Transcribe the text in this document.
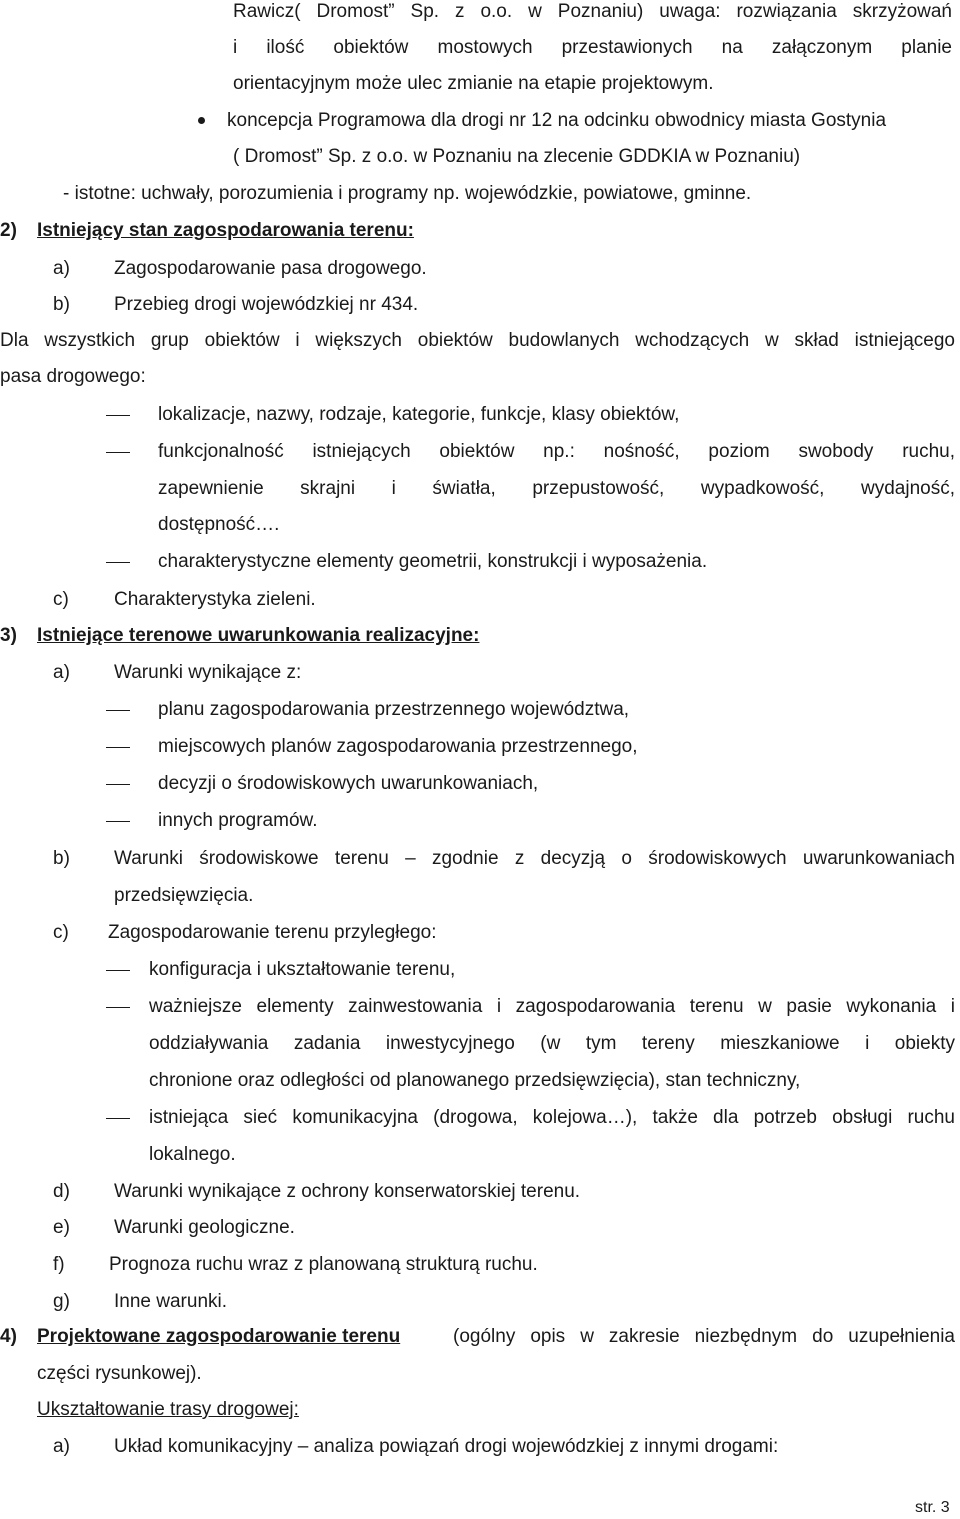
Rawicz( Dromost” Sp. z o.o. w Poznaniu) uwaga: rozwiązania skrzyżowań
i ilość obiektów mostowych przestawionych na załączonym planie
orientacyjnym może ulec zmianie na etapie projektowym.
koncepcja Programowa dla drogi nr 12 na odcinku obwodnicy miasta Gostynia
( Dromost” Sp. z o.o. w Poznaniu na zlecenie GDDKIA w Poznaniu)
- istotne: uchwały, porozumienia i programy np. wojewódzkie, powiatowe, gminne.
2) Istniejący stan zagospodarowania terenu:
a) Zagospodarowanie pasa drogowego.
b) Przebieg drogi wojewódzkiej nr 434.
Dla wszystkich grup obiektów i większych obiektów budowlanych wchodzących w skład istniejącego
pasa drogowego:
lokalizacje, nazwy, rodzaje, kategorie, funkcje, klasy obiektów,
funkcjonalność istniejących obiektów np.: nośność, poziom swobody ruchu,
zapewnienie skrajni i światła, przepustowość, wypadkowość, wydajność,
dostępność….
charakterystyczne elementy geometrii, konstrukcji i wyposażenia.
c) Charakterystyka zieleni.
3) Istniejące terenowe uwarunkowania realizacyjne:
a) Warunki wynikające z:
planu zagospodarowania przestrzennego województwa,
miejscowych planów zagospodarowania przestrzennego,
decyzji o środowiskowych uwarunkowaniach,
innych programów.
b) Warunki środowiskowe terenu – zgodnie z decyzją o środowiskowych uwarunkowaniach
przedsięwzięcia.
c) Zagospodarowanie terenu przyległego:
konfiguracja i ukształtowanie terenu,
ważniejsze elementy zainwestowania i zagospodarowania terenu w pasie wykonania i
oddziaływania zadania inwestycyjnego (w tym tereny mieszkaniowe i obiekty
chronione oraz odległości od planowanego przedsięwzięcia), stan techniczny,
istniejąca sieć komunikacyjna (drogowa, kolejowa…), także dla potrzeb obsługi ruchu
lokalnego.
d) Warunki wynikające z ochrony konserwatorskiej terenu.
e) Warunki geologiczne.
f) Prognoza ruchu wraz z planowaną strukturą ruchu.
g) Inne warunki.
4) Projektowane zagospodarowanie terenu	(ogólny opis w zakresie niezbędnym do uzupełnienia
części rysunkowej).
Ukształtowanie trasy drogowej:
a) Układ komunikacyjny – analiza powiązań drogi wojewódzkiej z innymi drogami:
str. 3
